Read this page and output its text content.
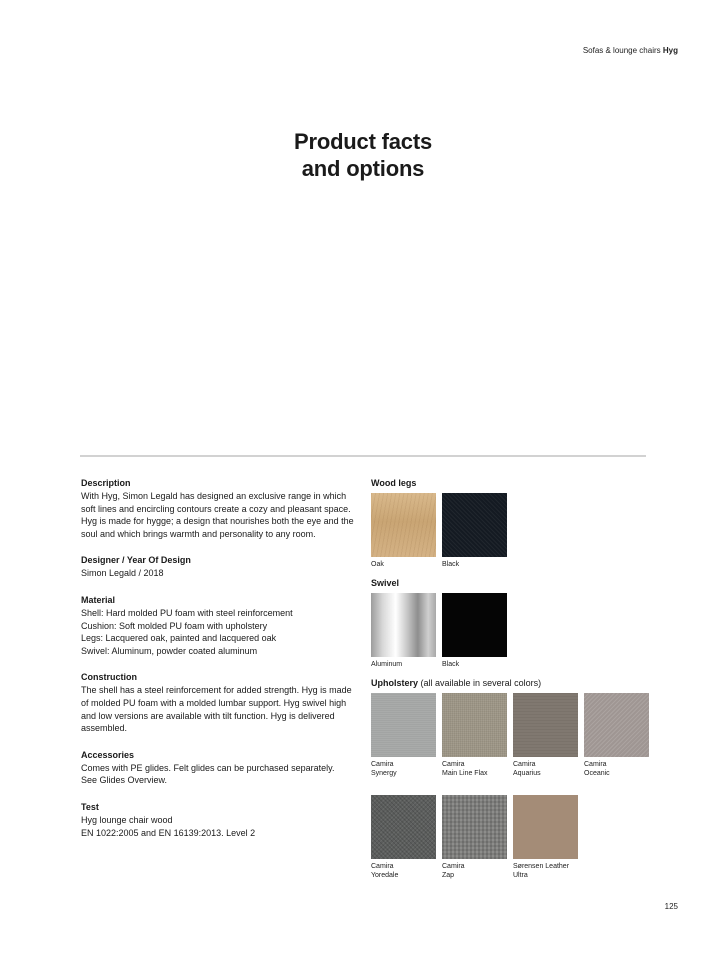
Sofas & lounge chairs Hyg
Product facts
and options
Description

With Hyg, Simon Legald has designed an exclusive range in which
soft lines and encircling contours create a cozy and pleasant space.
Hyg is made for hygge; a design that nourishes both the eye and the
soul and which brings warmth and personality to any room.

Designer / Year Of Design

Simon Legald / 2018

Material

Shell: Hard molded PU foam with steel reinforcement
Cushion: Soft molded PU foam with upholstery
Legs: Lacquered oak, painted and lacquered oak
Swivel: Aluminum, powder coated aluminum

Construction

The shell has a steel reinforcement for added strength. Hyg is made
of molded PU foam with a molded lumbar support. Hyg swivel high
and low versions are available with tilt function. Hyg is delivered
assembled.

Accessories

Comes with PE glides. Felt glides can be purchased separately.
See Glides Overview.

Test

Hyg lounge chair wood
EN 1022:2005 and EN 16139:2013. Level 2

Wood legs
Oak	Black
Swivel
Aluminum	Black
Upholstery (all available in several colors)
Camira
Synergy
Camira
Main Line Flax
Camira
Aquarius
Camira
Oceanic
Camira
Yoredale
Camira
Zap
Sørensen Leather
Ultra
125
